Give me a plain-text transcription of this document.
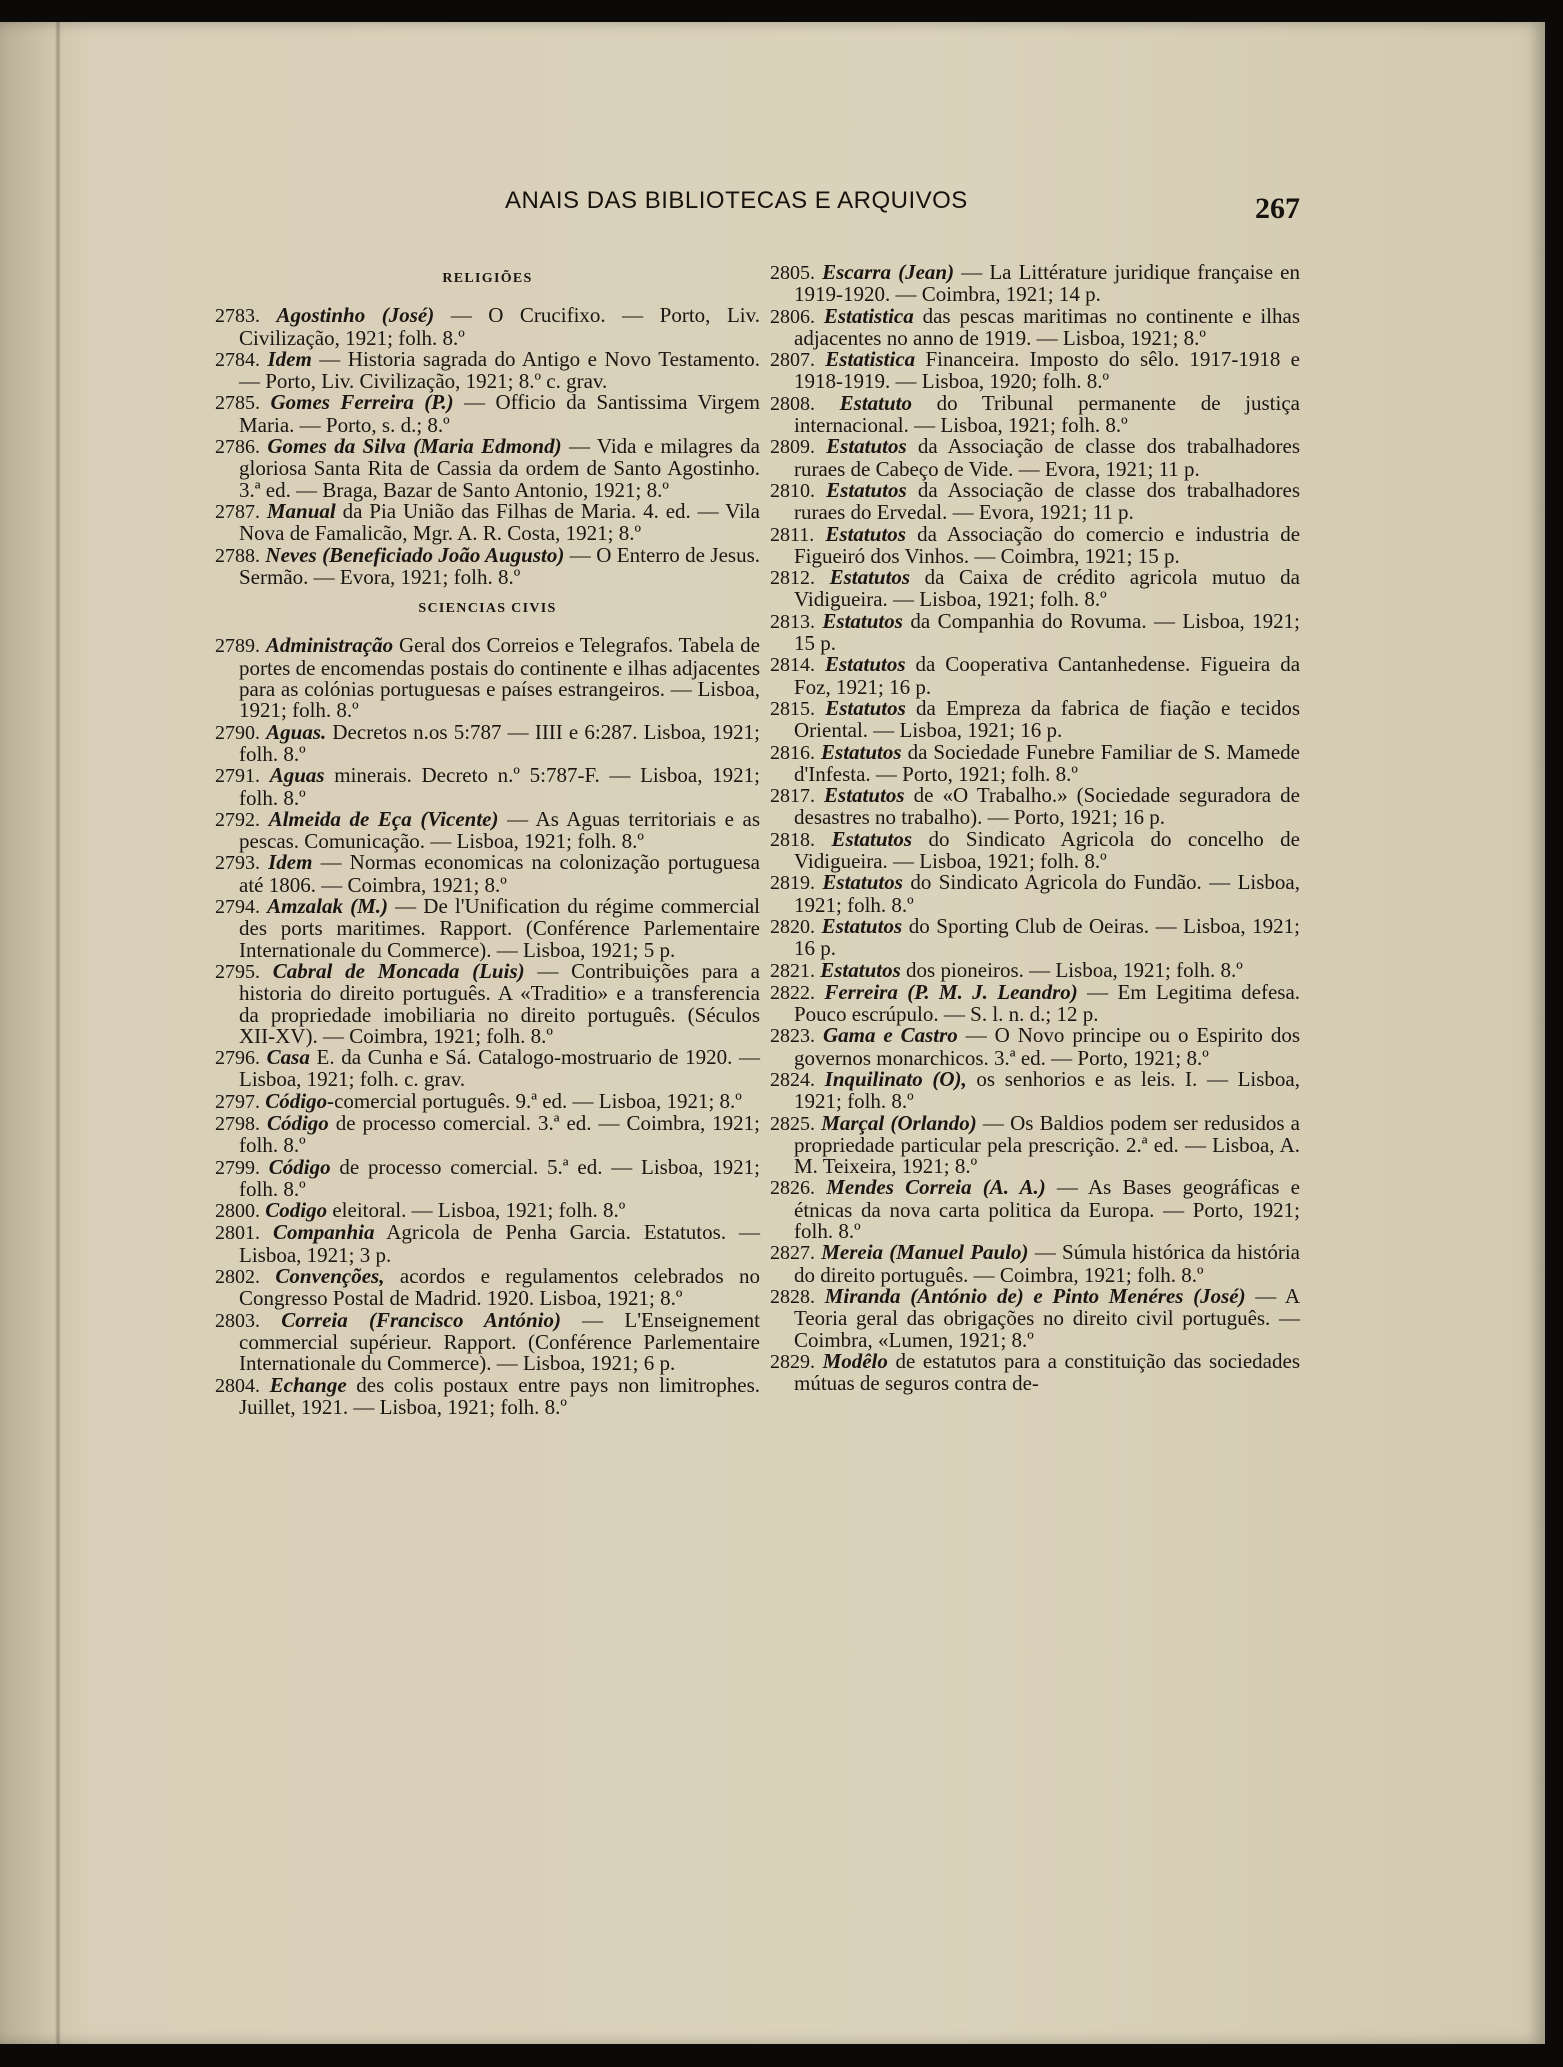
ANAIS DAS BIBLIOTECAS E ARQUIVOS	267
RELIGIÕES
2783. Agostinho (José) — O Crucifixo. — Porto, Liv. Civilização, 1921; folh. 8.º
2784. Idem — Historia sagrada do Antigo e Novo Testamento. — Porto, Liv. Civilização, 1921; 8.º c. grav.
2785. Gomes Ferreira (P.) — Officio da Santissima Virgem Maria. — Porto, s. d.; 8.º
2786. Gomes da Silva (Maria Edmond) — Vida e milagres da gloriosa Santa Rita de Cassia da ordem de Santo Agostinho. 3.ª ed. — Braga, Bazar de Santo Antonio, 1921; 8.º
2787. Manual da Pia União das Filhas de Maria. 4. ed. — Vila Nova de Famalicão, Mgr. A. R. Costa, 1921; 8.º
2788. Neves (Beneficiado João Augusto) — O Enterro de Jesus. Sermão. — Evora, 1921; folh. 8.º
SCIENCIAS CIVIS
2789. Administração Geral dos Correios e Telegrafos. Tabela de portes de encomendas postais do continente e ilhas adjacentes para as colónias portuguesas e países estrangeiros. — Lisboa, 1921; folh. 8.º
2790. Aguas. Decretos n.os 5:787 — IIII e 6:287. Lisboa, 1921; folh. 8.º
2791. Aguas minerais. Decreto n.º 5:787-F. — Lisboa, 1921; folh. 8.º
2792. Almeida de Eça (Vicente) — As Aguas territoriais e as pescas. Comunicação. — Lisboa, 1921; folh. 8.º
2793. Idem — Normas economicas na colonização portuguesa até 1806. — Coimbra, 1921; 8.º
2794. Amzalak (M.) — De l'Unification du régime commercial des ports maritimes. Rapport. (Conférence Parlementaire Internationale du Commerce). — Lisboa, 1921; 5 p.
2795. Cabral de Moncada (Luis) — Contribuições para a historia do direito português. A «Traditio» e a transferencia da propriedade imobiliaria no direito português. (Séculos XII-XV). — Coimbra, 1921; folh. 8.º
2796. Casa E. da Cunha e Sá. Catalogo-mostruario de 1920. — Lisboa, 1921; folh. c. grav.
2797. Código-comercial português. 9.ª ed. — Lisboa, 1921; 8.º
2798. Código de processo comercial. 3.ª ed. — Coimbra, 1921; folh. 8.º
2799. Código de processo comercial. 5.ª ed. — Lisboa, 1921; folh. 8.º
2800. Codigo eleitoral. — Lisboa, 1921; folh. 8.º
2801. Companhia Agricola de Penha Garcia. Estatutos. — Lisboa, 1921; 3 p.
2802. Convenções, acordos e regulamentos celebrados no Congresso Postal de Madrid. 1920. Lisboa, 1921; 8.º
2803. Correia (Francisco António) — L'Enseignement commercial supérieur. Rapport. (Conférence Parlementaire Internationale du Commerce). — Lisboa, 1921; 6 p.
2804. Echange des colis postaux entre pays non limitrophes. Juillet, 1921. — Lisboa, 1921; folh. 8.º
2805. Escarra (Jean) — La Littérature juridique française en 1919-1920. — Coimbra, 1921; 14 p.
2806. Estatistica das pescas maritimas no continente e ilhas adjacentes no anno de 1919. — Lisboa, 1921; 8.º
2807. Estatistica Financeira. Imposto do sêlo. 1917-1918 e 1918-1919. — Lisboa, 1920; folh. 8.º
2808. Estatuto do Tribunal permanente de justiça internacional. — Lisboa, 1921; folh. 8.º
2809. Estatutos da Associação de classe dos trabalhadores ruraes de Cabeço de Vide. — Evora, 1921; 11 p.
2810. Estatutos da Associação de classe dos trabalhadores ruraes do Ervedal. — Evora, 1921; 11 p.
2811. Estatutos da Associação do comercio e industria de Figueiró dos Vinhos. — Coimbra, 1921; 15 p.
2812. Estatutos da Caixa de crédito agricola mutuo da Vidigueira. — Lisboa, 1921; folh. 8.º
2813. Estatutos da Companhia do Rovuma. — Lisboa, 1921; 15 p.
2814. Estatutos da Cooperativa Cantanhedense. Figueira da Foz, 1921; 16 p.
2815. Estatutos da Empreza da fabrica de fiação e tecidos Oriental. — Lisboa, 1921; 16 p.
2816. Estatutos da Sociedade Funebre Familiar de S. Mamede d'Infesta. — Porto, 1921; folh. 8.º
2817. Estatutos de «O Trabalho.» (Sociedade seguradora de desastres no trabalho). — Porto, 1921; 16 p.
2818. Estatutos do Sindicato Agricola do concelho de Vidigueira. — Lisboa, 1921; folh. 8.º
2819. Estatutos do Sindicato Agricola do Fundão. — Lisboa, 1921; folh. 8.º
2820. Estatutos do Sporting Club de Oeiras. — Lisboa, 1921; 16 p.
2821. Estatutos dos pioneiros. — Lisboa, 1921; folh. 8.º
2822. Ferreira (P. M. J. Leandro) — Em Legitima defesa. Pouco escrúpulo. — S. l. n. d.; 12 p.
2823. Gama e Castro — O Novo principe ou o Espirito dos governos monarchicos. 3.ª ed. — Porto, 1921; 8.º
2824. Inquilinato (O), os senhorios e as leis. I. — Lisboa, 1921; folh. 8.º
2825. Marçal (Orlando) — Os Baldios podem ser redusidos a propriedade particular pela prescrição. 2.ª ed. — Lisboa, A. M. Teixeira, 1921; 8.º
2826. Mendes Correia (A. A.) — As Bases geográficas e étnicas da nova carta politica da Europa. — Porto, 1921; folh. 8.º
2827. Mereia (Manuel Paulo) — Súmula histórica da história do direito português. — Coimbra, 1921; folh. 8.º
2828. Miranda (António de) e Pinto Menéres (José) — A Teoria geral das obrigações no direito civil português. — Coimbra, «Lumen, 1921; 8.º
2829. Modêlo de estatutos para a constituição das sociedades mútuas de seguros contra de-
